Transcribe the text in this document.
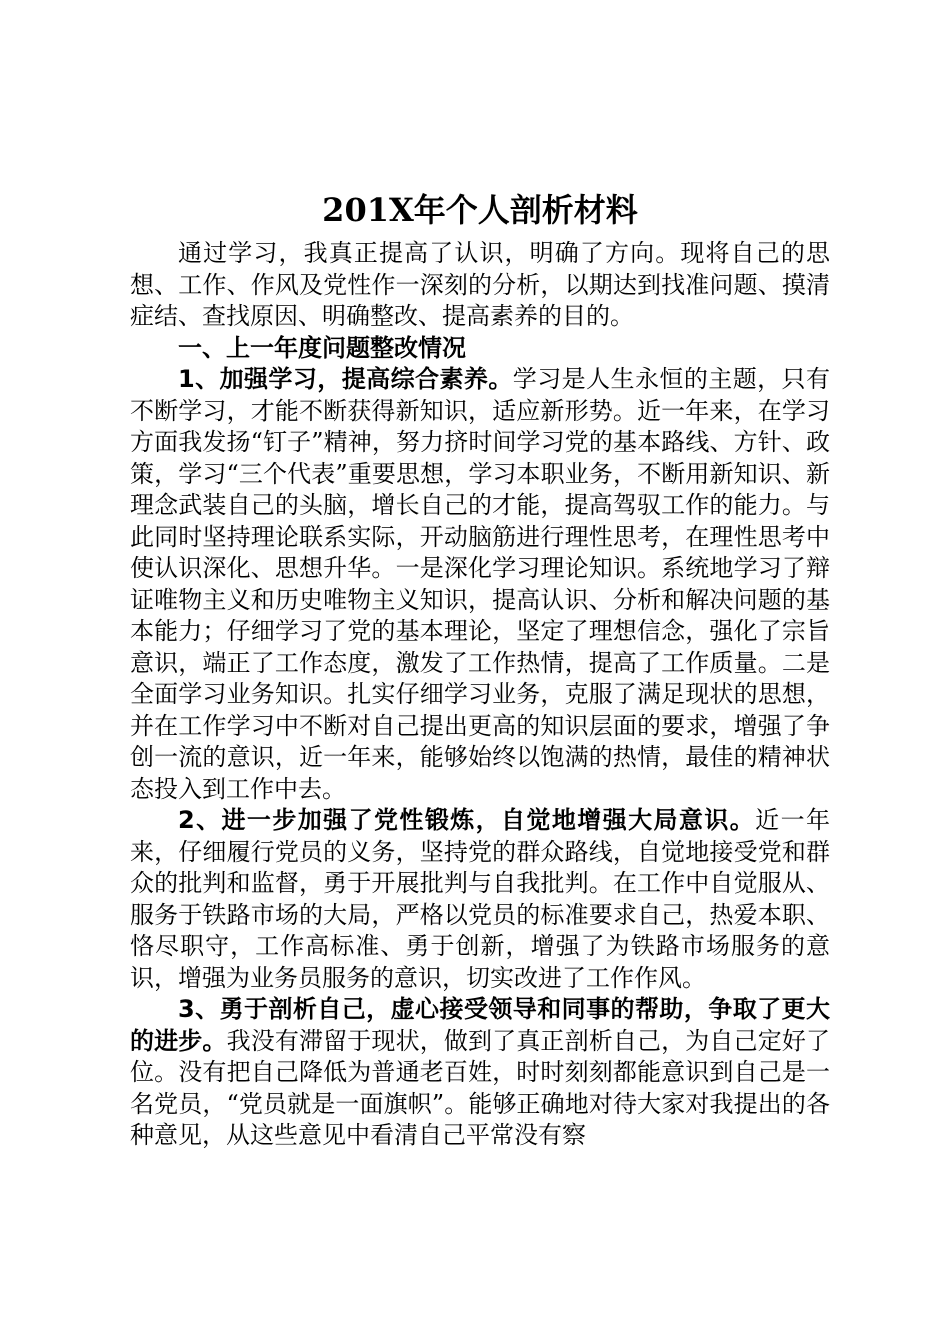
201X年个人剖析材料

通过学习，我真正提高了认识，明确了方向。现将自己的思想、工作、作风及党性作一深刻的分析，以期达到找准问题、摸清症结、查找原因、明确整改、提高素养的目的。

一、上一年度问题整改情况

1、加强学习，提高综合素养。学习是人生永恒的主题，只有不断学习，才能不断获得新知识，适应新形势。近一年来，在学习方面我发扬“钉子”精神，努力挤时间学习党的基本路线、方针、政策，学习“三个代表”重要思想，学习本职业务，不断用新知识、新理念武装自己的头脑，增长自己的才能，提高驾驭工作的能力。与此同时坚持理论联系实际，开动脑筋进行理性思考，在理性思考中使认识深化、思想升华。一是深化学习理论知识。系统地学习了辩证唯物主义和历史唯物主义知识，提高认识、分析和解决问题的基本能力；仔细学习了党的基本理论，坚定了理想信念，强化了宗旨意识，端正了工作态度，激发了工作热情，提高了工作质量。二是全面学习业务知识。扎实仔细学习业务，克服了满足现状的思想，并在工作学习中不断对自己提出更高的知识层面的要求，增强了争创一流的意识，近一年来，能够始终以饱满的热情，最佳的精神状态投入到工作中去。

2、进一步加强了党性锻炼，自觉地增强大局意识。近一年来，仔细履行党员的义务，坚持党的群众路线，自觉地接受党和群众的批判和监督，勇于开展批判与自我批判。在工作中自觉服从、服务于铁路市场的大局，严格以党员的标准要求自己，热爱本职、恪尽职守，工作高标准、勇于创新，增强了为铁路市场服务的意识，增强为业务员服务的意识，切实改进了工作作风。

3、勇于剖析自己，虚心接受领导和同事的帮助，争取了更大的进步。我没有滞留于现状，做到了真正剖析自己，为自己定好了位。没有把自己降低为普通老百姓，时时刻刻都能意识到自己是一名党员，“党员就是一面旗帜”。能够正确地对待大家对我提出的各种意见，从这些意见中看清自己平常没有察
